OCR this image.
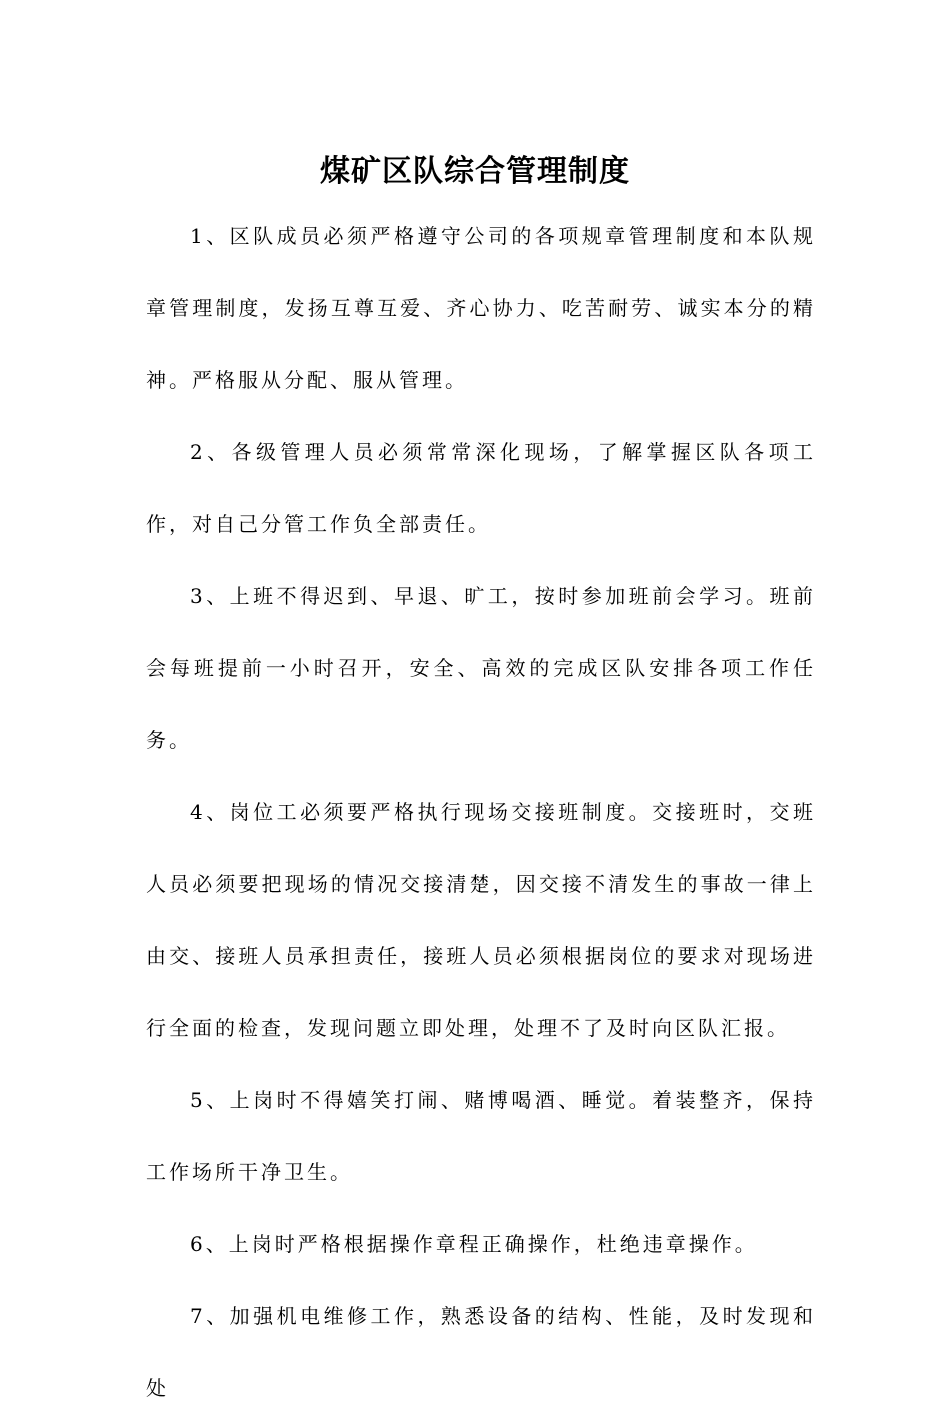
煤矿区队综合管理制度

1、区队成员必须严格遵守公司的各项规章管理制度和本队规章管理制度，发扬互尊互爱、齐心协力、吃苦耐劳、诚实本分的精神。严格服从分配、服从管理。

2、各级管理人员必须常常深化现场，了解掌握区队各项工作，对自己分管工作负全部责任。

3、上班不得迟到、早退、旷工，按时参加班前会学习。班前会每班提前一小时召开，安全、高效的完成区队安排各项工作任务。

4、岗位工必须要严格执行现场交接班制度。交接班时，交班人员必须要把现场的情况交接清楚，因交接不清发生的事故一律上由交、接班人员承担责任，接班人员必须根据岗位的要求对现场进行全面的检查，发现问题立即处理，处理不了及时向区队汇报。

5、上岗时不得嬉笑打闹、赌博喝酒、睡觉。着装整齐，保持工作场所干净卫生。

6、上岗时严格根据操作章程正确操作，杜绝违章操作。

7、加强机电维修工作，熟悉设备的结构、性能，及时发现和处
